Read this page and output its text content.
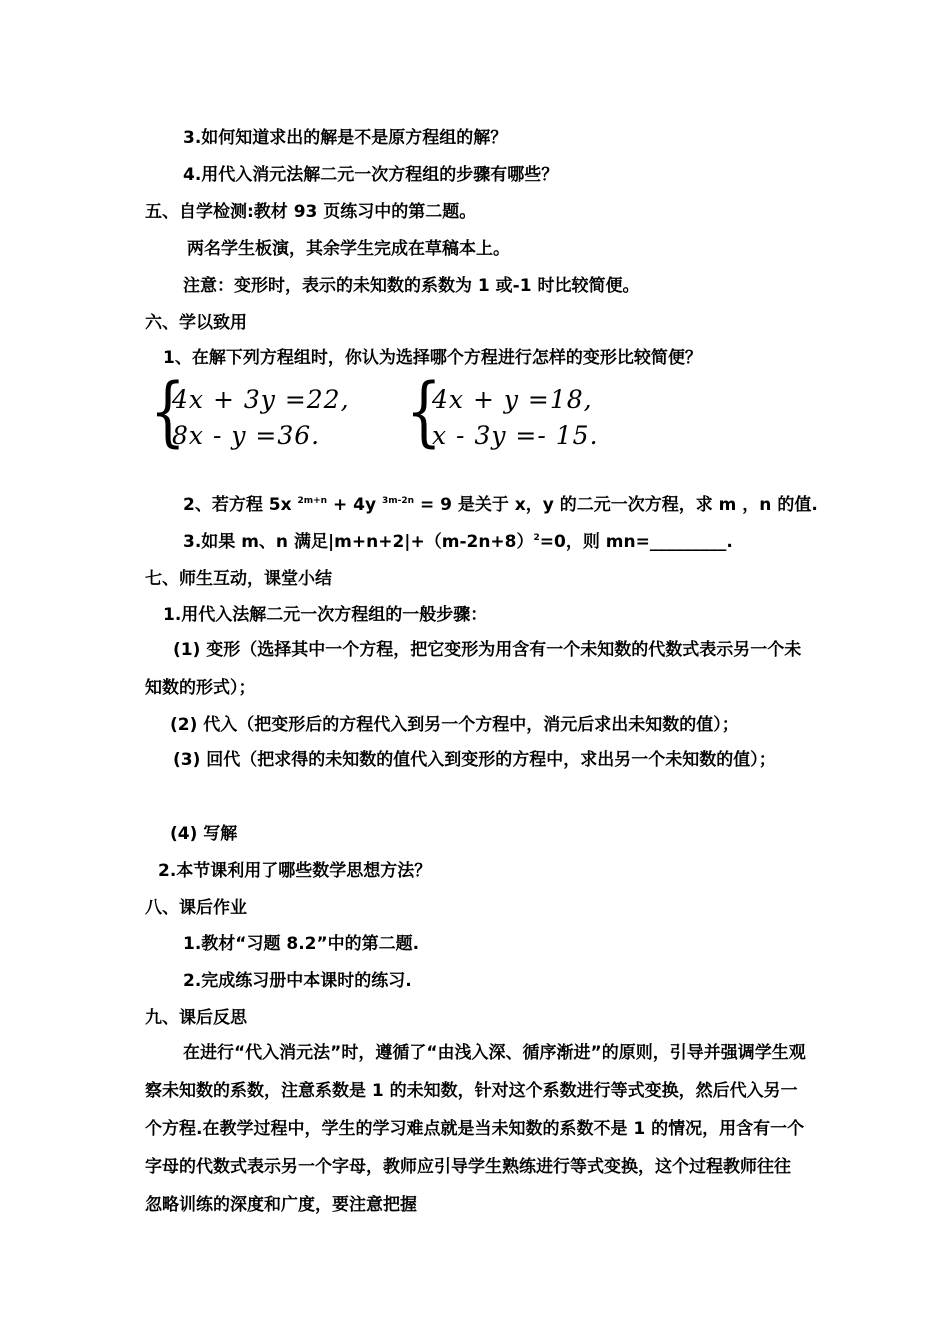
3.如何知道求出的解是不是原方程组的解？
4.用代入消元法解二元一次方程组的步骤有哪些？
五、自学检测:教材 93 页练习中的第二题。
两名学生板演，其余学生完成在草稿本上。
注意：变形时，表示的未知数的系数为 1 或-1 时比较简便。
六、学以致用
1、在解下列方程组时，你认为选择哪个方程进行怎样的变形比较简便？
{
4x + 3y =22,
8x - y =36. {
4x + y =18,
x - 3y =- 15.
2、若方程 5x $^{2m+n}$ + 4y $^{3m-2n}$ = 9 是关于 x，y 的二元一次方程，求 m ，n 的值.
3.如果 m、n 满足$|m+n+2|+(m-2n+8)^2=0$，则 mn=_________.
七、师生互动，课堂小结
1.用代入法解二元一次方程组的一般步骤：
(1) 变形（选择其中一个方程，把它变形为用含有一个未知数的代数式表示另一个未知数的形式）；
(2) 代入（把变形后的方程代入到另一个方程中，消元后求出未知数的值）；
(3) 回代（把求得的未知数的值代入到变形的方程中，求出另一个未知数的值）；
(4) 写解
2.本节课利用了哪些数学思想方法？
八、课后作业
1.教材“习题 8.2”中的第二题.
2.完成练习册中本课时的练习.
九、课后反思
在进行“代入消元法”时，遵循了“由浅入深、循序渐进”的原则，引导并强调学生观察未知数的系数，注意系数是 1 的未知数，针对这个系数进行等式变换，然后代入另一个方程.在教学过程中，学生的学习难点就是当未知数的系数不是 1 的情况，用含有一个字母的代数式表示另一个字母，教师应引导学生熟练进行等式变换，这个过程教师往往忽略训练的深度和广度，要注意把握
